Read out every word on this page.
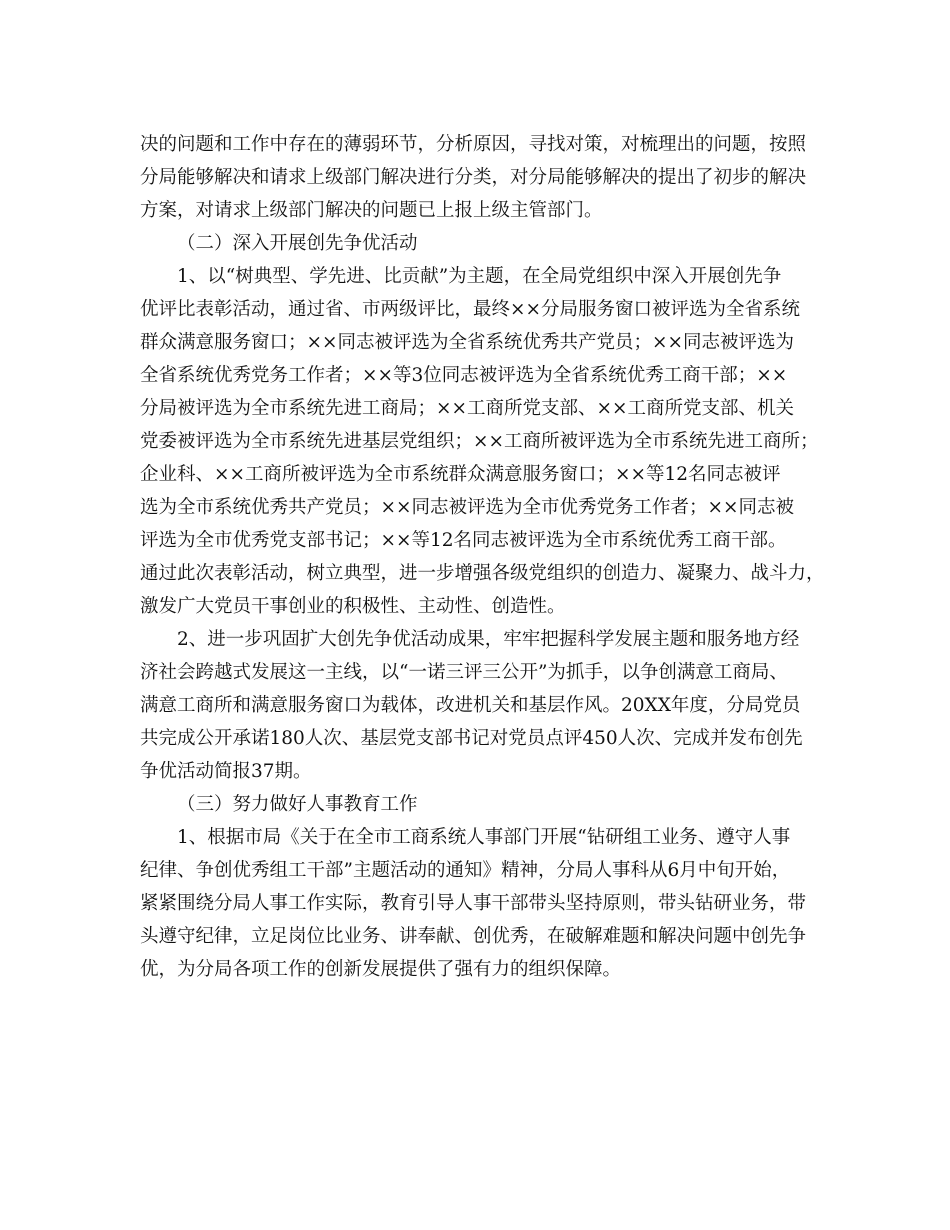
决的问题和工作中存在的薄弱环节，分析原因，寻找对策，对梳理出的问题，按照
分局能够解决和请求上级部门解决进行分类，对分局能够解决的提出了初步的解决
方案，对请求上级部门解决的问题已上报上级主管部门。
（二）深入开展创先争优活动
1、以“树典型、学先进、比贡献”为主题，在全局党组织中深入开展创先争
优评比表彰活动，通过省、市两级评比，最终××分局服务窗口被评选为全省系统
群众满意服务窗口；××同志被评选为全省系统优秀共产党员；××同志被评选为
全省系统优秀党务工作者；××等3位同志被评选为全省系统优秀工商干部；××
分局被评选为全市系统先进工商局；××工商所党支部、××工商所党支部、机关
党委被评选为全市系统先进基层党组织；××工商所被评选为全市系统先进工商所；
企业科、××工商所被评选为全市系统群众满意服务窗口；××等12名同志被评
选为全市系统优秀共产党员；××同志被评选为全市优秀党务工作者；××同志被
评选为全市优秀党支部书记；××等12名同志被评选为全市系统优秀工商干部。
通过此次表彰活动，树立典型，进一步增强各级党组织的创造力、凝聚力、战斗力，
激发广大党员干事创业的积极性、主动性、创造性。
2、进一步巩固扩大创先争优活动成果，牢牢把握科学发展主题和服务地方经
济社会跨越式发展这一主线，以“一诺三评三公开”为抓手，以争创满意工商局、
满意工商所和满意服务窗口为载体，改进机关和基层作风。20XX年度，分局党员
共完成公开承诺180人次、基层党支部书记对党员点评450人次、完成并发布创先
争优活动简报37期。
（三）努力做好人事教育工作
1、根据市局《关于在全市工商系统人事部门开展“钻研组工业务、遵守人事
纪律、争创优秀组工干部”主题活动的通知》精神，分局人事科从6月中旬开始，
紧紧围绕分局人事工作实际，教育引导人事干部带头坚持原则，带头钻研业务，带
头遵守纪律，立足岗位比业务、讲奉献、创优秀，在破解难题和解决问题中创先争
优，为分局各项工作的创新发展提供了强有力的组织保障。
